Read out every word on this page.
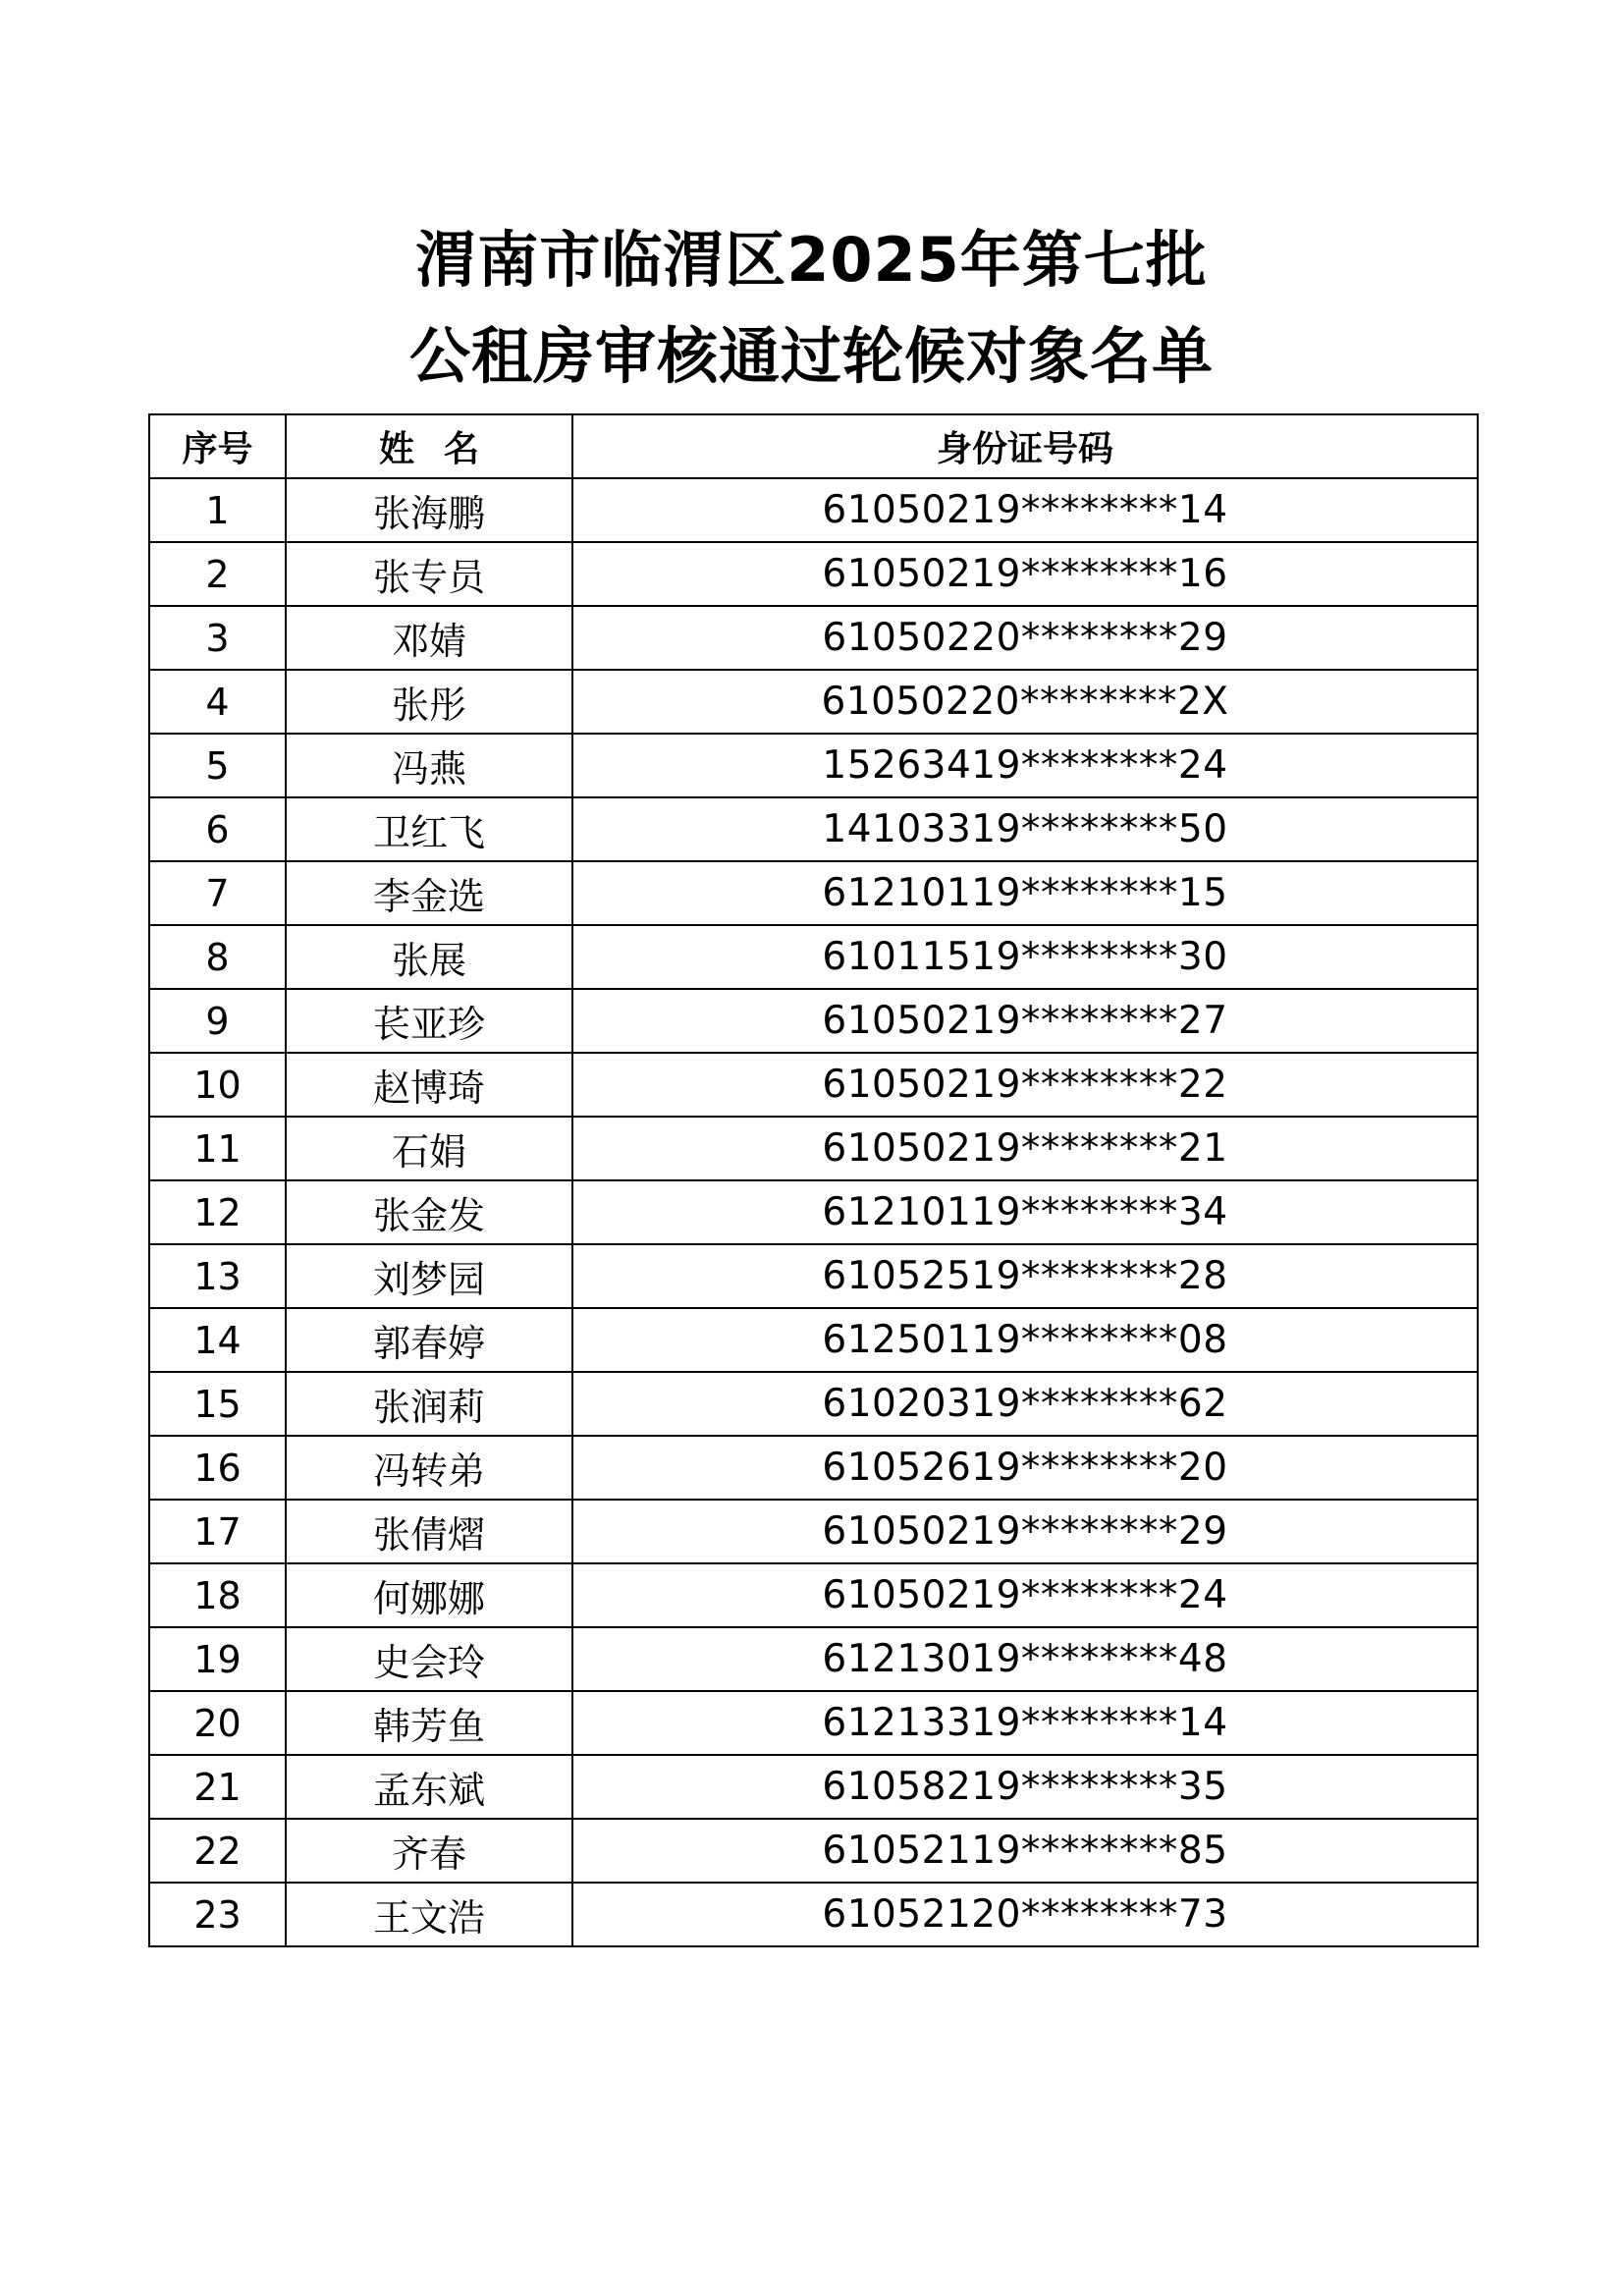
渭南市临渭区2025年第七批
公租房审核通过轮候对象名单
序号	姓名	身份证号码
1	张海鹏	61050219********14
2	张专员	61050219********16
3	邓婧	61050220********29
4	张彤	61050220********2X
5	冯燕	15263419********24
6	卫红飞	14103319********50
7	李金选	61210119********15
8	张展	61011519********30
9	苌亚珍	61050219********27
10	赵博琦	61050219********22
11	石娟	61050219********21
12	张金发	61210119********34
13	刘梦园	61052519********28
14	郭春婷	61250119********08
15	张润莉	61020319********62
16	冯转弟	61052619********20
17	张倩熠	61050219********29
18	何娜娜	61050219********24
19	史会玲	61213019********48
20	韩芳鱼	61213319********14
21	孟东斌	61058219********35
22	齐春	61052119********85
23	王文浩	61052120********73
